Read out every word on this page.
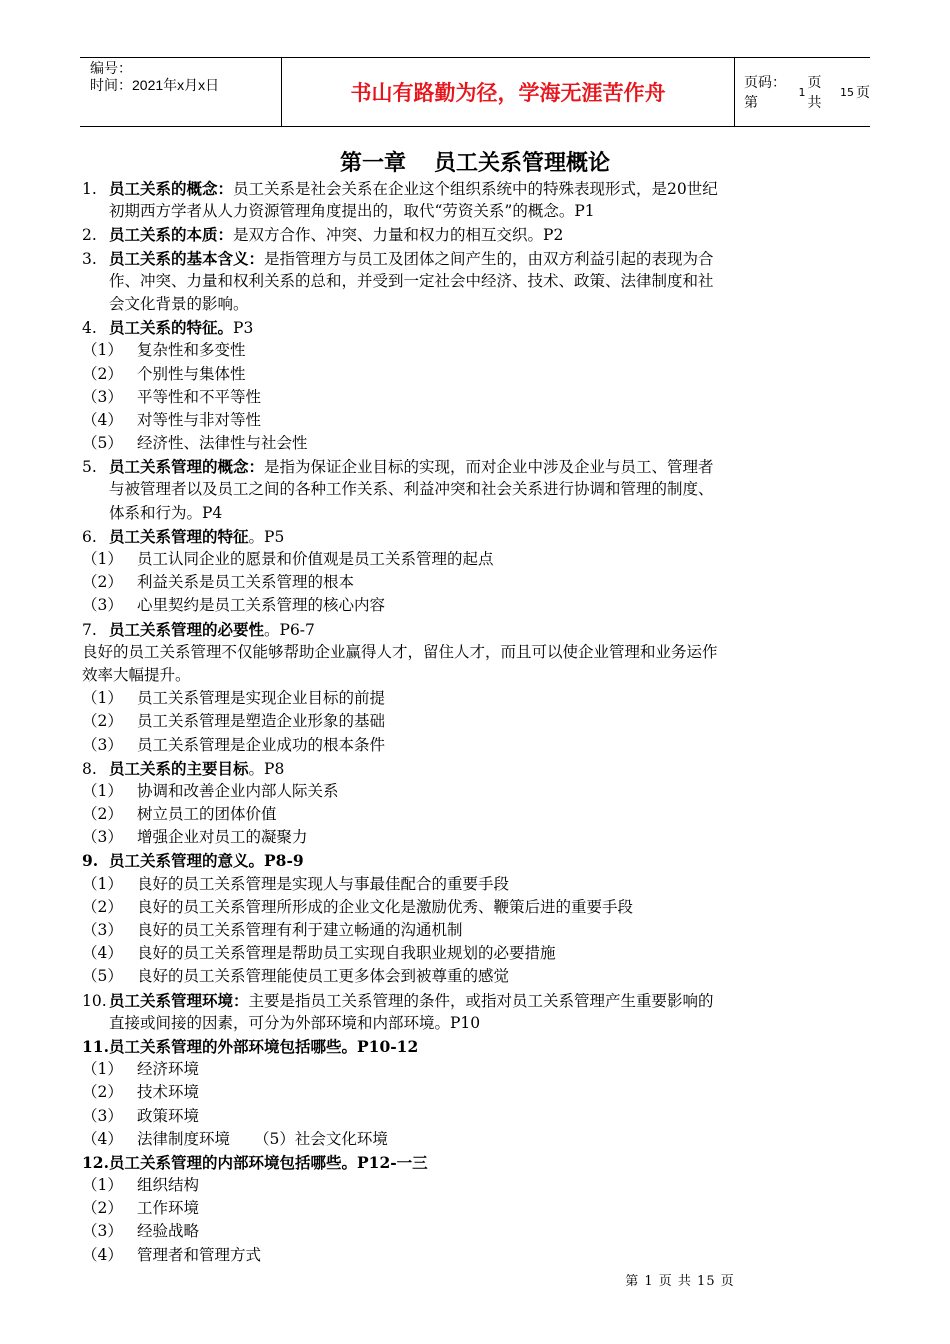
编号：
时间：2021年x月x日	书山有路勤为径，学海无涯苦作舟	页码：第
1
页 共
15 页
第一章 员工关系管理概论
1. 员工关系的概念：员工关系是社会关系在企业这个组织系统中的特殊表现形式，是20世纪
初期西方学者从人力资源管理角度提出的，取代“劳资关系”的概念。P1
2. 员工关系的本质：是双方合作、冲突、力量和权力的相互交织。P2
3. 员工关系的基本含义：是指管理方与员工及团体之间产生的，由双方利益引起的表现为合
作、冲突、力量和权利关系的总和，并受到一定社会中经济、技术、政策、法律制度和社
会文化背景的影响。
4. 员工关系的特征。P3
（1） 复杂性和多变性
（2） 个别性与集体性
（3） 平等性和不平等性
（4） 对等性与非对等性
（5） 经济性、法律性与社会性
5. 员工关系管理的概念：是指为保证企业目标的实现，而对企业中涉及企业与员工、管理者
与被管理者以及员工之间的各种工作关系、利益冲突和社会关系进行协调和管理的制度、
体系和行为。P4
6. 员工关系管理的特征。P5
（1） 员工认同企业的愿景和价值观是员工关系管理的起点
（2） 利益关系是员工关系管理的根本
（3） 心里契约是员工关系管理的核心内容
7. 员工关系管理的必要性。P6-7
良好的员工关系管理不仅能够帮助企业赢得人才，留住人才，而且可以使企业管理和业务运作
效率大幅提升。
（1） 员工关系管理是实现企业目标的前提
（2） 员工关系管理是塑造企业形象的基础
（3） 员工关系管理是企业成功的根本条件
8. 员工关系的主要目标。P8
（1） 协调和改善企业内部人际关系
（2） 树立员工的团体价值
（3） 增强企业对员工的凝聚力
9. 员工关系管理的意义。P8-9
（1） 良好的员工关系管理是实现人与事最佳配合的重要手段
（2） 良好的员工关系管理所形成的企业文化是激励优秀、鞭策后进的重要手段
（3） 良好的员工关系管理有利于建立畅通的沟通机制
（4） 良好的员工关系管理是帮助员工实现自我职业规划的必要措施
（5） 良好的员工关系管理能使员工更多体会到被尊重的感觉
10. 员工关系管理环境：主要是指员工关系管理的条件，或指对员工关系管理产生重要影响的
直接或间接的因素，可分为外部环境和内部环境。P10
11.员工关系管理的外部环境包括哪些。P10-12
（1） 经济环境
（2） 技术环境
（3） 政策环境
（4） 法律制度环境 （5）社会文化环境
12.员工关系管理的内部环境包括哪些。P12-一三
（1） 组织结构
（2） 工作环境
（3） 经验战略
（4） 管理者和管理方式
第 1 页 共 15 页
